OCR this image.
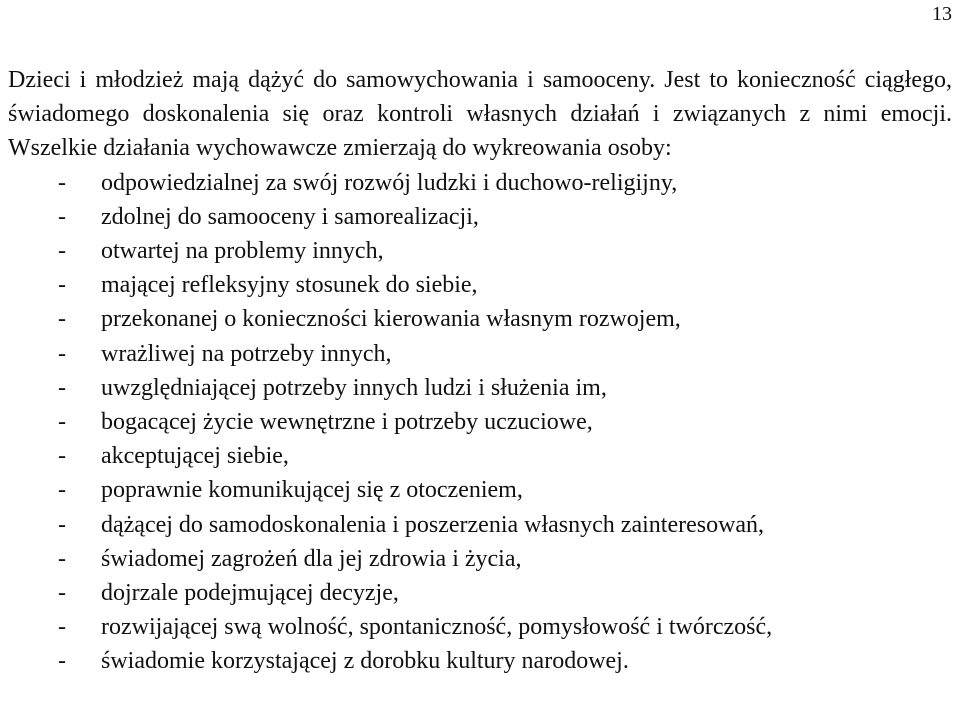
13

Dzieci i młodzież mają dążyć do samowychowania i samooceny. Jest to konieczność ciągłego, świadomego doskonalenia się oraz kontroli własnych działań i związanych z nimi emocji. Wszelkie działania wychowawcze zmierzają do wykreowania osoby:

-	odpowiedzialnej za swój rozwój ludzki i duchowo-religijny,
-	zdolnej do samooceny i samorealizacji,
-	otwartej na problemy innych,
-	mającej refleksyjny stosunek do siebie,
-	przekonanej o konieczności kierowania własnym rozwojem,
-	wrażliwej na potrzeby innych,
-	uwzględniającej potrzeby innych ludzi i służenia im,
-	bogacącej życie wewnętrzne i potrzeby uczuciowe,
-	akceptującej siebie,
-	poprawnie komunikującej się z otoczeniem,
-	dążącej do samodoskonalenia i poszerzenia własnych zainteresowań,
-	świadomej zagrożeń dla jej zdrowia i życia,
-	dojrzale podejmującej decyzje,
-	rozwijającej swą wolność, spontaniczność, pomysłowość i twórczość,
-	świadomie korzystającej z dorobku kultury narodowej.
